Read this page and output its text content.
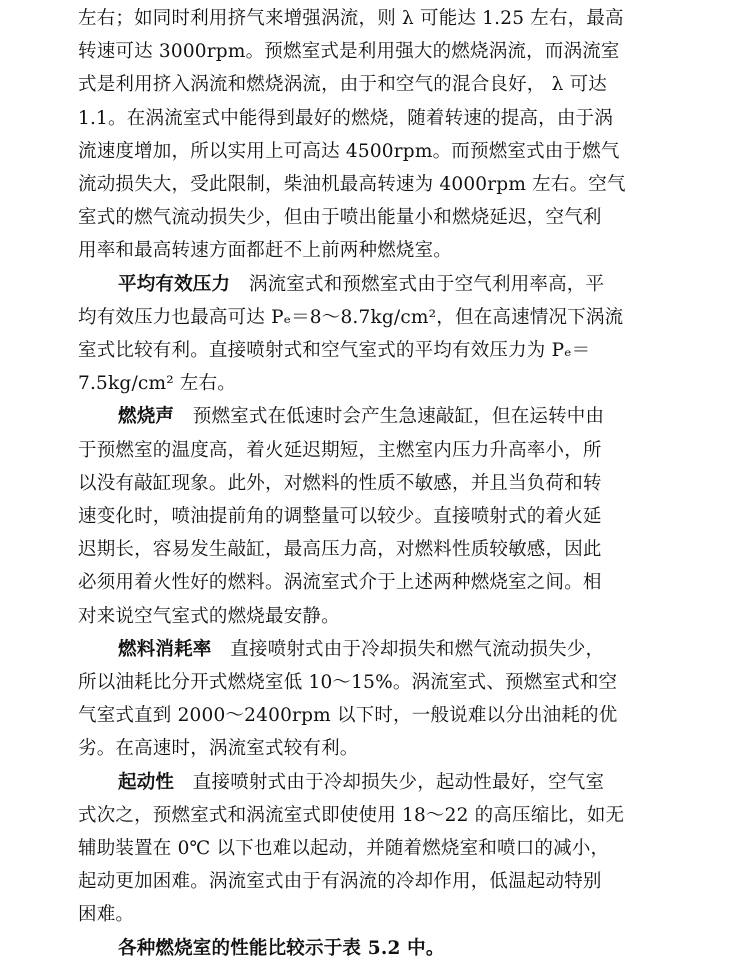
左右；如同时利用挤气来增强涡流，则 λ 可能达 1.25 左右，最高
转速可达 3000rpm。预燃室式是利用强大的燃烧涡流，而涡流室
式是利用挤入涡流和燃烧涡流，由于和空气的混合良好， λ 可达
1.1。在涡流室式中能得到最好的燃烧，随着转速的提高，由于涡
流速度增加，所以实用上可高达 4500rpm。而预燃室式由于燃气
流动损失大，受此限制，柴油机最高转速为 4000rpm 左右。空气
室式的燃气流动损失少，但由于喷出能量小和燃烧延迟，空气利
用率和最高转速方面都赶不上前两种燃烧室。

平均有效压力　涡流室式和预燃室式由于空气利用率高，平
均有效压力也最高可达 Pₑ＝8～8.7kg/cm²，但在高速情况下涡流
室式比较有利。直接喷射式和空气室式的平均有效压力为 Pₑ＝
7.5kg/cm² 左右。

燃烧声　预燃室式在低速时会产生急速敲缸，但在运转中由
于预燃室的温度高，着火延迟期短，主燃室内压力升高率小，所
以没有敲缸现象。此外，对燃料的性质不敏感，并且当负荷和转
速变化时，喷油提前角的调整量可以较少。直接喷射式的着火延
迟期长，容易发生敲缸，最高压力高，对燃料性质较敏感，因此
必须用着火性好的燃料。涡流室式介于上述两种燃烧室之间。相
对来说空气室式的燃烧最安静。

燃料消耗率　直接喷射式由于冷却损失和燃气流动损失少，
所以油耗比分开式燃烧室低 10～15%。涡流室式、预燃室式和空
气室式直到 2000～2400rpm 以下时，一般说难以分出油耗的优
劣。在高速时，涡流室式较有利。

起动性　直接喷射式由于冷却损失少，起动性最好，空气室
式次之，预燃室式和涡流室式即使使用 18～22 的高压缩比，如无
辅助装置在 0℃ 以下也难以起动，并随着燃烧室和喷口的减小，
起动更加困难。涡流室式由于有涡流的冷却作用，低温起动特别
困难。

各种燃烧室的性能比较示于表 5.2 中。
